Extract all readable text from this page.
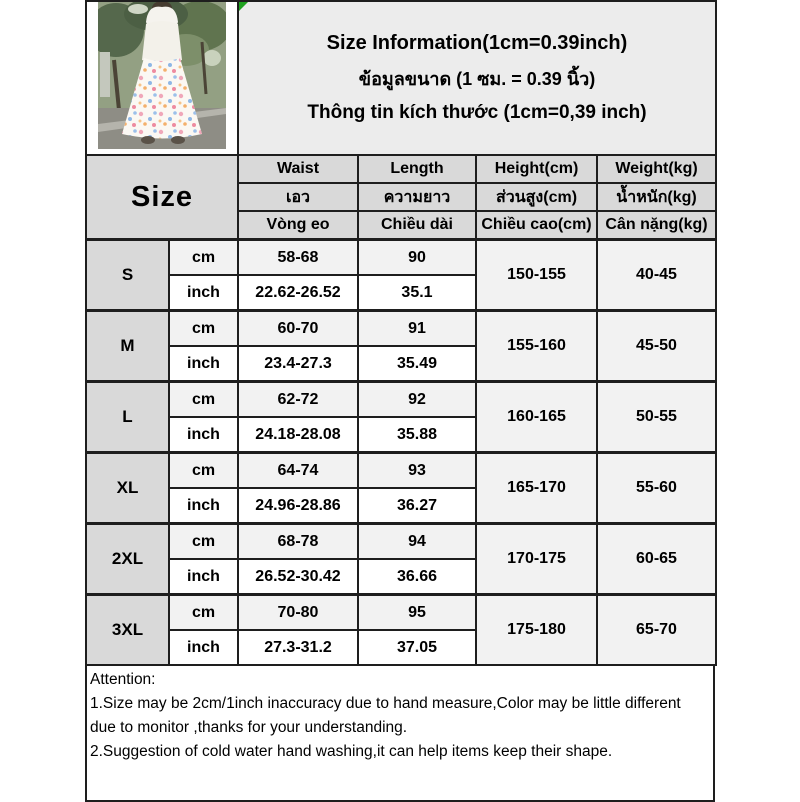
Size Information(1cm=0.39inch)
ข้อมูลขนาด (1 ซม. = 0.39 นิ้ว)
Thông tin kích thước (1cm=0,39 inch)			

Size		Waist	Length	Height(cm)	Weight(kg)
		เอว	ความยาว	ส่วนสูง(cm)	น้ำหนัก(kg)
		Vòng eo	Chiều dài	Chiều cao(cm)	Cân nặng(kg)
S	cm	58-68	90	150-155	40-45
	inch	22.62-26.52	35.1		
M	cm	60-70	91	155-160	45-50
	inch	23.4-27.3	35.49		
L	cm	62-72	92	160-165	50-55
	inch	24.18-28.08	35.88		
XL	cm	64-74	93	165-170	55-60
	inch	24.96-28.86	36.27		
2XL	cm	68-78	94	170-175	60-65
	inch	26.52-30.42	36.66		
3XL	cm	70-80	95	175-180	65-70
	inch	27.3-31.2	37.05		
Attention:
1.Size may be 2cm/1inch inaccuracy due to hand measure,Color may be little different
due to monitor ,thanks for your understanding.
2.Suggestion of cold water hand washing,it can help items keep their shape.
